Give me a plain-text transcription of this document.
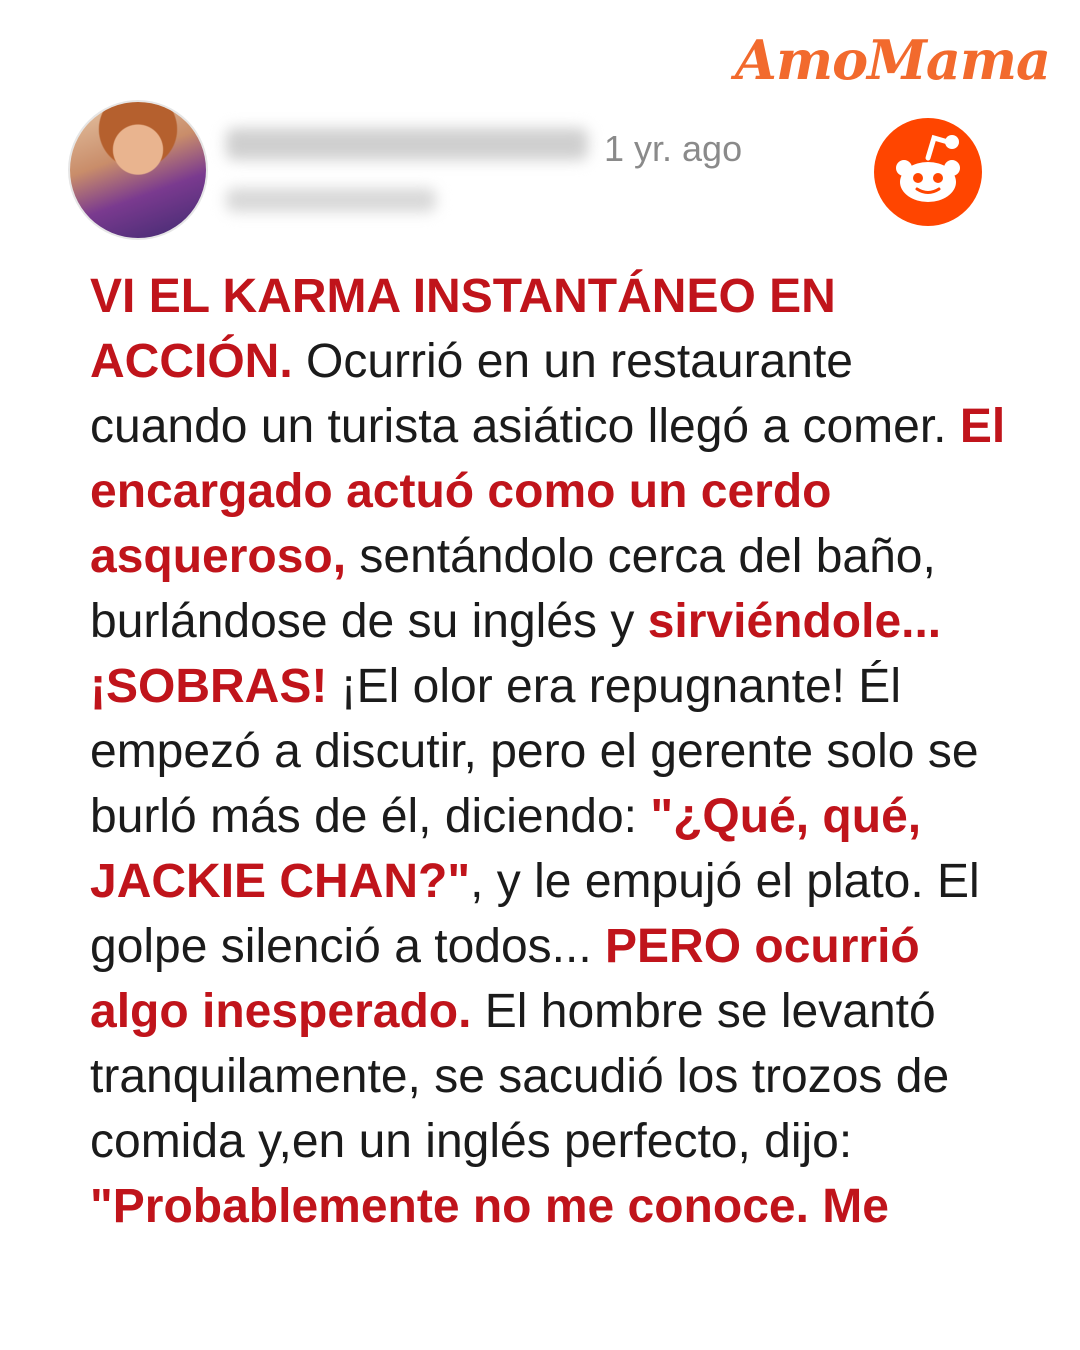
AmoMama
1 yr. ago

VI EL KARMA INSTANTÁNEO EN ACCIÓN. Ocurrió en un restaurante cuando un turista asiático llegó a comer. El encargado actuó como un cerdo asqueroso, sentándolo cerca del baño, burlándose de su inglés y sirviéndole... ¡SOBRAS! ¡El olor era repugnante! Él empezó a discutir, pero el gerente solo se burló más de él, diciendo: "¿Qué, qué, JACKIE CHAN?", y le empujó el plato. El golpe silenció a todos... PERO ocurrió algo inesperado. El hombre se levantó tranquilamente, se sacudió los trozos de comida y,en un inglés perfecto, dijo: "Probablemente no me conoce. Me
